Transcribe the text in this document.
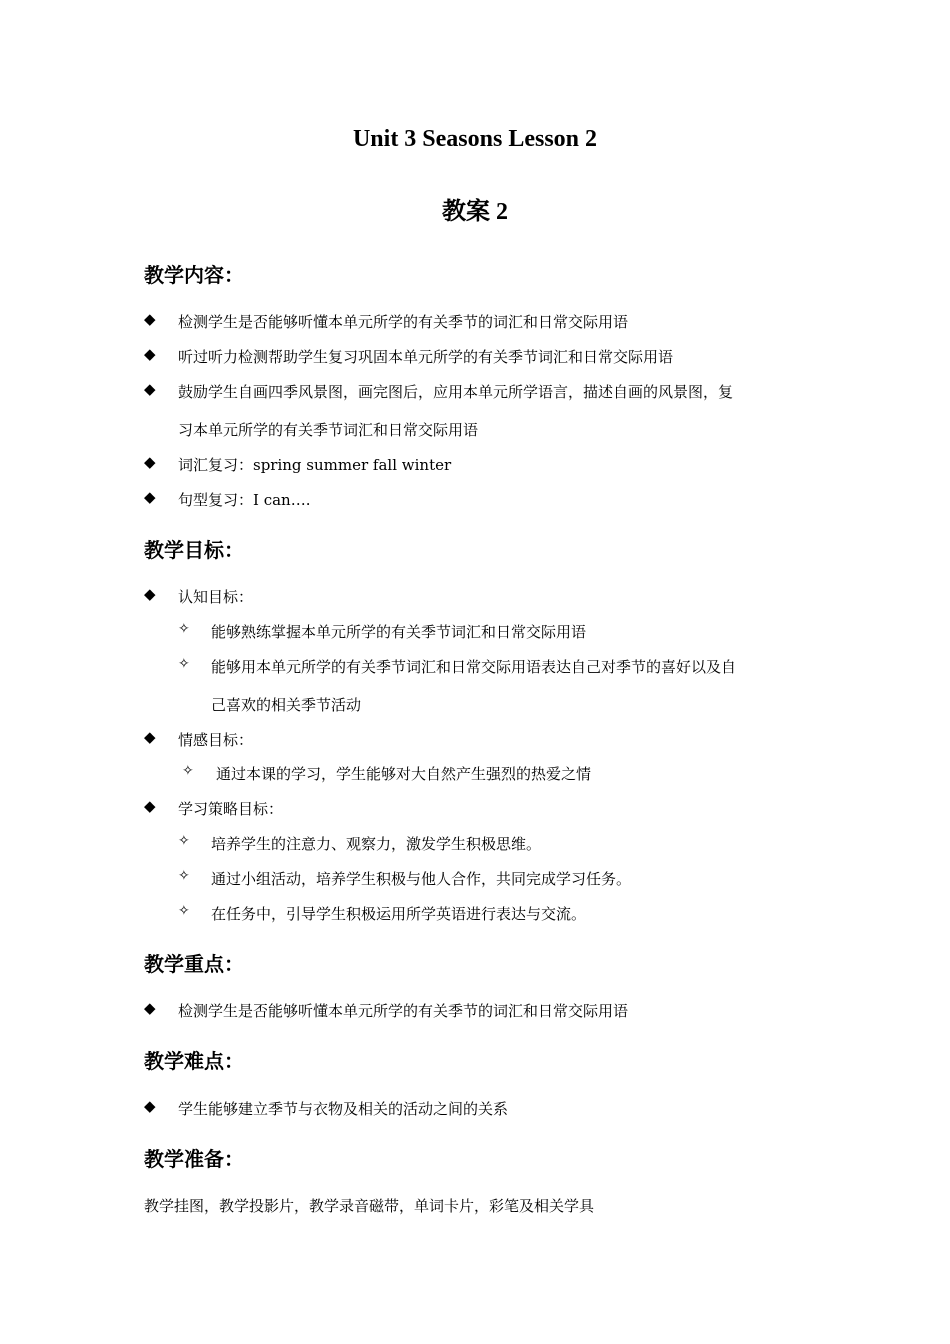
Unit 3 Seasons Lesson 2
教案 2
教学内容：
◆ 检测学生是否能够听懂本单元所学的有关季节的词汇和日常交际用语
◆ 听过听力检测帮助学生复习巩固本单元所学的有关季节词汇和日常交际用语
◆ 鼓励学生自画四季风景图，画完图后，应用本单元所学语言，描述自画的风景图，复
习本单元所学的有关季节词汇和日常交际用语
◆ 词汇复习：spring summer fall winter
◆ 句型复习：I can….
教学目标：
◆ 认知目标：
✧ 能够熟练掌握本单元所学的有关季节词汇和日常交际用语
✧ 能够用本单元所学的有关季节词汇和日常交际用语表达自己对季节的喜好以及自
己喜欢的相关季节活动
◆ 情感目标：
✧ 通过本课的学习，学生能够对大自然产生强烈的热爱之情
◆ 学习策略目标：
✧ 培养学生的注意力、观察力，激发学生积极思维。
✧ 通过小组活动，培养学生积极与他人合作，共同完成学习任务。
✧ 在任务中，引导学生积极运用所学英语进行表达与交流。
教学重点：
◆ 检测学生是否能够听懂本单元所学的有关季节的词汇和日常交际用语
教学难点：
◆ 学生能够建立季节与衣物及相关的活动之间的关系
教学准备：
教学挂图，教学投影片，教学录音磁带，单词卡片，彩笔及相关学具
